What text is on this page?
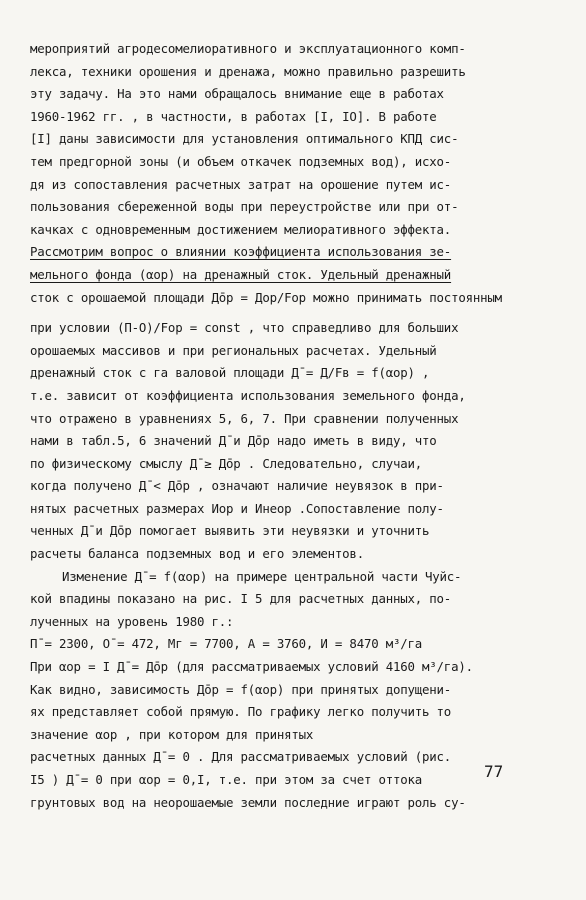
мероприятий агродесомелиоративного и эксплуатационного комп-
лекса, техники орошения и дренажа, можно правильно разрешить
эту задачу. На это нами обращалось внимание еще в работах
1960-1962 гг. , в частности, в работах [I, IO]. В работе
[I] даны зависимости для установления оптимального КПД сис-
тем предгорной зоны (и объем откачек подземных вод), исхо-
дя из сопоставления расчетных затрат на орошение путем ис-
пользования сбереженной воды при переустройстве или при от-
качках с одновременным достижением мелиоративного эффекта.
Рассмотрим вопрос о влиянии коэффициента использования зе-
мельного фонда (αор) на дренажный сток. Удельный дренажный
сток с орошаемой площади Д̄ор = Дор/Fор можно принимать постоянным
при условии (П-О)/Fор = const , что справедливо для больших
орошаемых массивов и при региональных расчетах. Удельный
дренажный сток с га валовой площади Д̄ = Д/Fв = f(αор) ,
т.е. зависит от коэффициента использования земельного фонда,
что отражено в уравнениях 5, 6, 7. При сравнении полученных
нами в табл.5, 6 значений Д̄ и Д̄ор надо иметь в виду, что
по физическому смыслу Д̄ ≥ Д̄ор . Следовательно, случаи,
когда получено Д̄ < Д̄ор , означают наличие неувязок в при-
нятых расчетных размерах Иор и Инеор .Сопоставление полу-
ченных Д̄ и Д̄ор помогает выявить эти неувязки и уточнить
расчеты баланса подземных вод и его элементов.
Изменение Д̄ = f(αор) на примере центральной части Чуйс-
кой впадины показано на рис. I 5 для расчетных данных, по-
лученных на уровень 1980 г.:
П̄ = 2300, О̄ = 472, Мг = 7700, А = 3760, И = 8470 м³/га
При αор = I Д̄ = Д̄ор (для рассматриваемых условий 4160 м³/га).
Как видно, зависимость Д̄ор = f(αор) при принятых допущени-
ях представляет собой прямую. По графику легко получить то
значение αор , при котором для принятых
расчетных данных Д̄ = 0 . Для рассматриваемых условий (рис.
I5 ) Д̄ = 0 при αор = 0,I, т.е. при этом за счет оттока
грунтовых вод на неорошаемые земли последние играют роль су-
77
